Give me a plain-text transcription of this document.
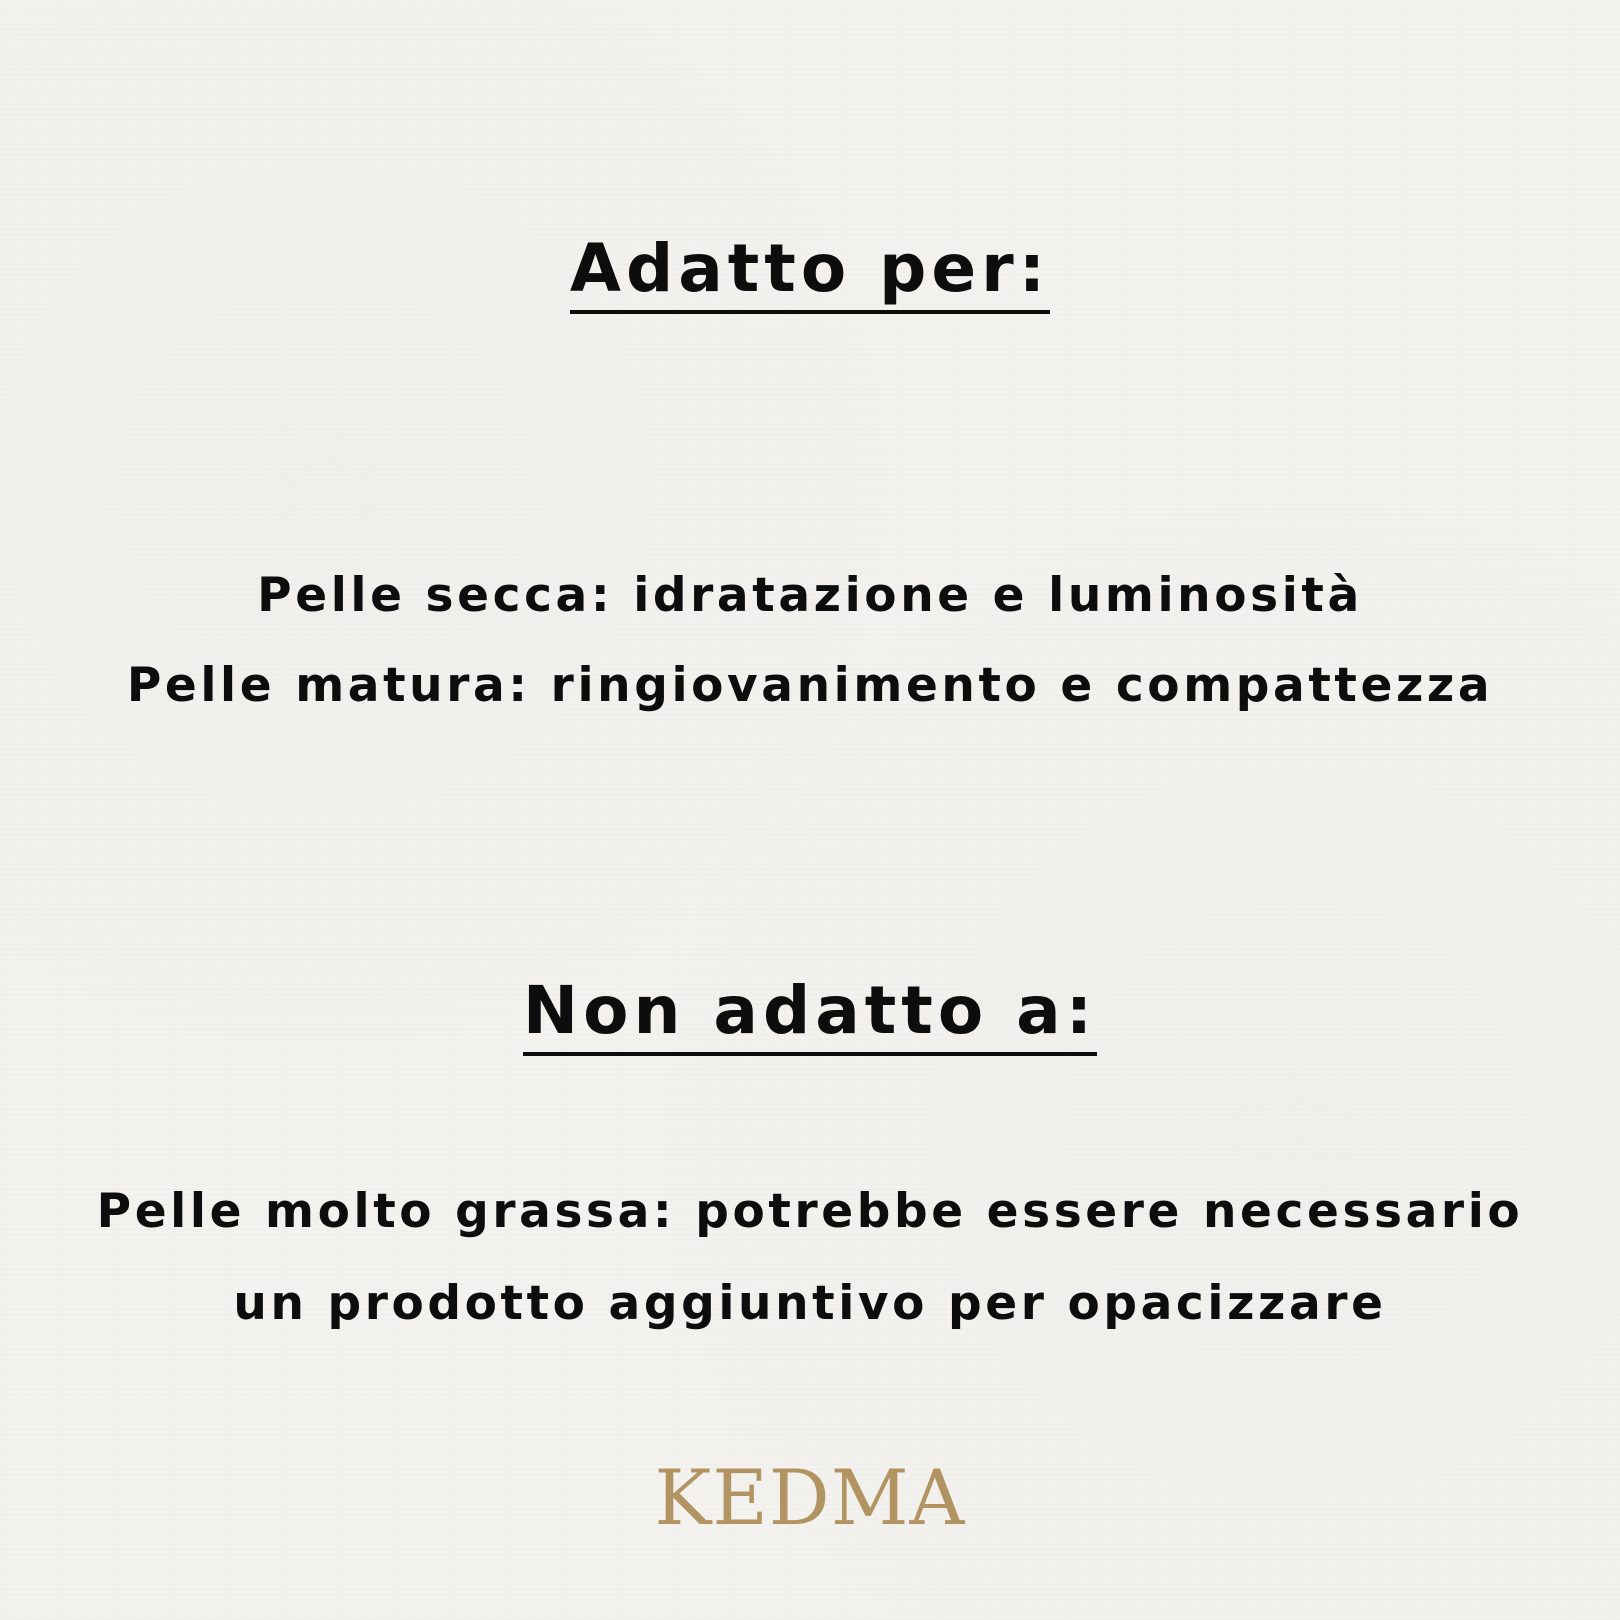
Adatto per:

Pelle secca: idratazione e luminosità

Pelle matura: ringiovanimento e compattezza

Non adatto a:

Pelle molto grassa: potrebbe essere necessario

un prodotto aggiuntivo per opacizzare

KEDMA
